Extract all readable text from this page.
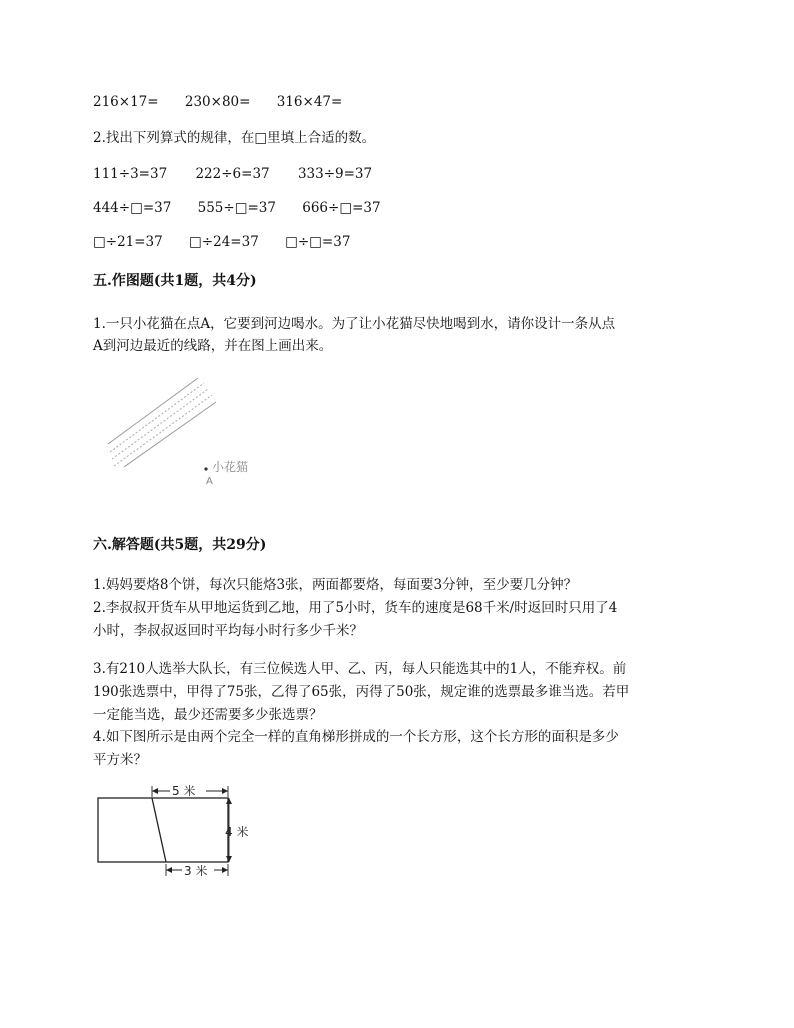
216×17= 230×80= 316×47=
2.找出下列算式的规律，在□里填上合适的数。
111÷3=37 222÷6=37 333÷9=37
444÷□=37 555÷□=37 666÷□=37
□÷21=37 □÷24=37 □÷□=37
五.作图题(共1题，共4分)
1.一只小花猫在点A，它要到河边喝水。为了让小花猫尽快地喝到水，请你设计一条从点
A到河边最近的线路，并在图上画出来。
A
小花猫
六.解答题(共5题，共29分)
1.妈妈要烙8个饼，每次只能烙3张，两面都要烙，每面要3分钟，至少要几分钟？
2.李叔叔开货车从甲地运货到乙地，用了5小时，货车的速度是68千米/时返回时只用了4
小时，李叔叔返回时平均每小时行多少千米？
3.有210人选举大队长，有三位候选人甲、乙、丙，每人只能选其中的1人，不能弃权。前
190张选票中，甲得了75张，乙得了65张，丙得了50张，规定谁的选票最多谁当选。若甲
一定能当选，最少还需要多少张选票？
4.如下图所示是由两个完全一样的直角梯形拼成的一个长方形，这个长方形的面积是多少
平方米？
5 米
4 米
3 米
